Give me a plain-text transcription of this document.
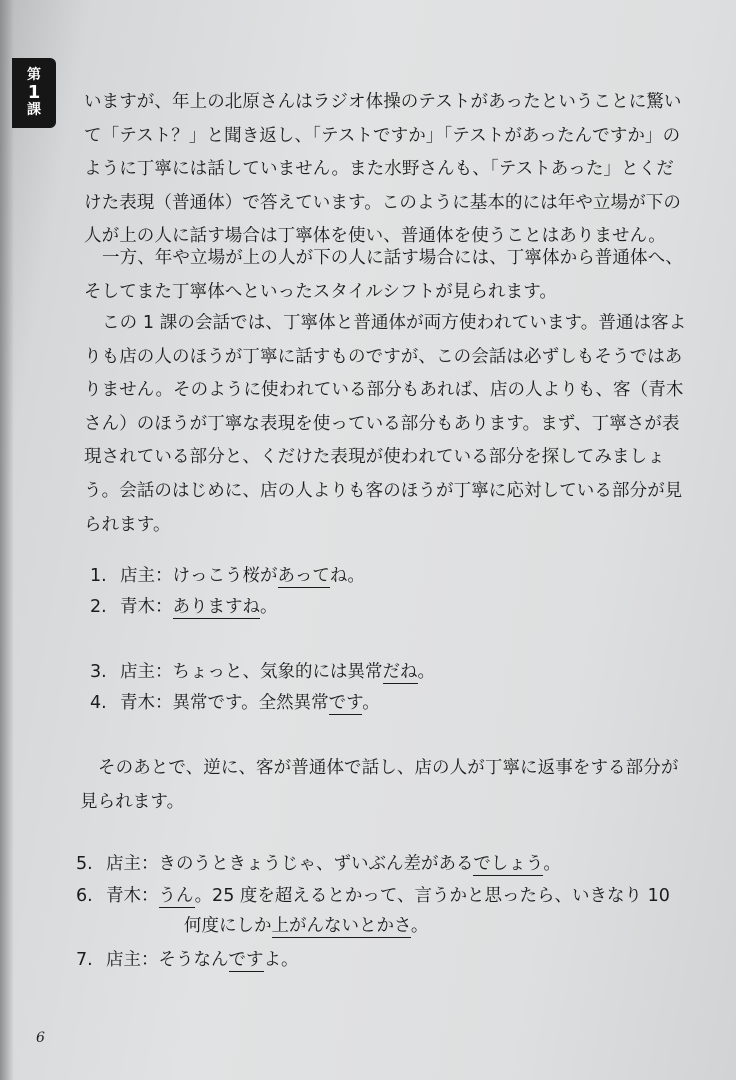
第
1
課 いますが、年上の北原さんはラジオ体操のテストがあったということに驚いて「テスト？」と聞き返し、「テストですか」「テストがあったんですか」のように丁寧には話していません。また水野さんも、「テストあった」とくだけた表現（普通体）で答えています。このように基本的には年や立場が下の人が上の人に話す場合は丁寧体を使い、普通体を使うことはありません。

一方、年や立場が上の人が下の人に話す場合には、丁寧体から普通体へ、そしてまた丁寧体へといったスタイルシフトが見られます。

この 1 課の会話では、丁寧体と普通体が両方使われています。普通は客よりも店の人のほうが丁寧に話すものですが、この会話は必ずしもそうではありません。そのように使われている部分もあれば、店の人よりも、客（青木さん）のほうが丁寧な表現を使っている部分もあります。まず、丁寧さが表現されている部分と、くだけた表現が使われている部分を探してみましょう。会話のはじめに、店の人よりも客のほうが丁寧に応対している部分が見られます。

1. 店主：けっこう桜があってね。
2. 青木：ありますね。
3. 店主：ちょっと、気象的には異常だね。
4. 青木：異常です。全然異常です。

そのあとで、逆に、客が普通体で話し、店の人が丁寧に返事をする部分が見られます。

5. 店主：きのうときょうじゃ、ずいぶん差があるでしょう。
6. 青木：うん。25 度を超えるとかって、言うかと思ったら、いきなり 10
何度にしか上がんないとかさ。
7. 店主：そうなんですよ。
6
